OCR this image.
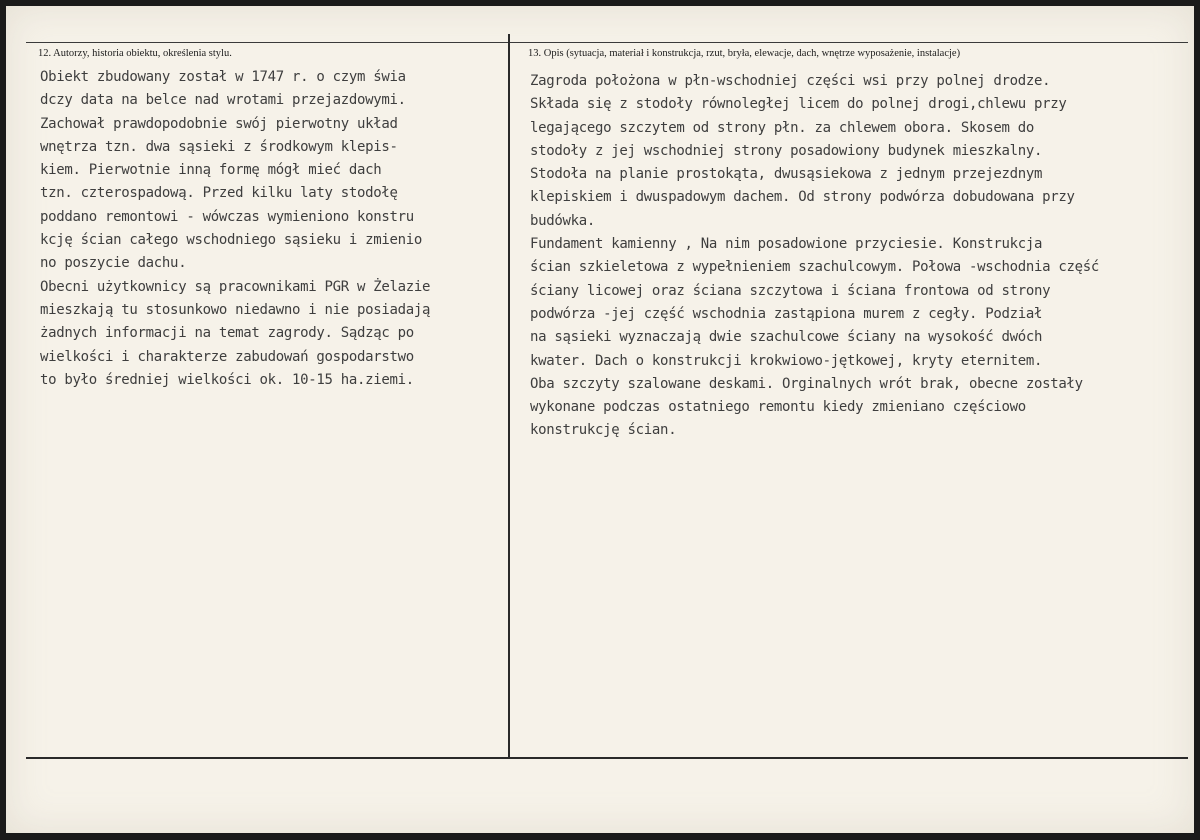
12. Autorzy, historia obiektu, określenia stylu.	13. Opis (sytuacja, materiał i konstrukcja, rzut, bryła, elewacje, dach, wnętrze wyposażenie, instalacje)
Obiekt zbudowany został w 1747 r. o czym świa
dczy data na belce nad wrotami przejazdowymi.
Zachował prawdopodobnie swój pierwotny układ
wnętrza tzn. dwa sąsieki z środkowym klepis-
kiem. Pierwotnie inną formę mógł mieć dach
tzn. czterospadową. Przed kilku laty stodołę
poddano remontowi - wówczas wymieniono konstru
kcję ścian całego wschodniego sąsieku i zmienio
no poszycie dachu.
Obecni użytkownicy są pracownikami PGR w Żelazie
mieszkają tu stosunkowo niedawno i nie posiadają
żadnych informacji na temat zagrody. Sądząc po
wielkości i charakterze zabudowań gospodarstwo
to było średniej wielkości ok. 10-15 ha.ziemi.
Zagroda położona w płn-wschodniej części wsi przy polnej drodze.
Składa się z stodoły równoległej licem do polnej drogi,chlewu przy
legającego szczytem od strony płn. za chlewem obora. Skosem do
stodoły z jej wschodniej strony posadowiony budynek mieszkalny.
Stodoła na planie prostokąta, dwusąsiekowa z jednym przejezdnym
klepiskiem i dwuspadowym dachem. Od strony podwórza dobudowana przy
budówka.
Fundament kamienny , Na nim posadowione przyciesie. Konstrukcja
ścian szkieletowa z wypełnieniem szachulcowym. Połowa -wschodnia część
ściany licowej oraz ściana szczytowa i ściana frontowa od strony
podwórza -jej część wschodnia zastąpiona murem z cegły. Podział
na sąsieki wyznaczają dwie szachulcowe ściany na wysokość dwóch
kwater. Dach o konstrukcji krokwiowo-jętkowej, kryty eternitem.
Oba szczyty szalowane deskami. Orginalnych wrót brak, obecne zostały
wykonane podczas ostatniego remontu kiedy zmieniano częściowo
konstrukcję ścian.
